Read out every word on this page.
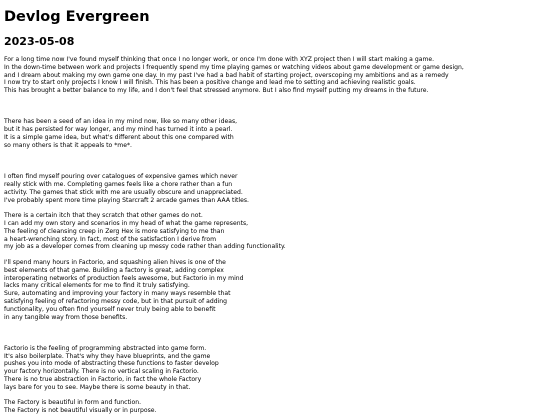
Devlog Evergreen
2023-05-08

For a long time now I've found myself thinking that once I no longer work, or once I'm done with XYZ project then I will start making a game.
In the down-time between work and projects I frequently spend my time playing games or watching videos about game development or game design,
and I dream about making my own game one day. In my past I've had a bad habit of starting project, overscoping my ambitions and as a remedy
I now try to start only projects I know I will finish. This has been a positive change and lead me to setting and achieving realistic goals.
This has brought a better balance to my life, and I don't feel that stressed anymore. But I also find myself putting my dreams in the future.

There has been a seed of an idea in my mind now, like so many other ideas,
but it has persisted for way longer, and my mind has turned it into a pearl.
It is a simple game idea, but what's different about this one compared with
so many others is that it appeals to *me*.

I often find myself pouring over catalogues of expensive games which never
really stick with me. Completing games feels like a chore rather than a fun
activity. The games that stick with me are usually obscure and unappreciated.
I've probably spent more time playing Starcraft 2 arcade games than AAA titles.

There is a certain itch that they scratch that other games do not.
I can add my own story and scenarios in my head of what the game represents,
The feeling of cleansing creep in Zerg Hex is more satisfying to me than
a heart-wrenching story. In fact, most of the satisfaction I derive from
my job as a developer comes from cleaning up messy code rather than adding functionality.

I'll spend many hours in Factorio, and squashing alien hives is one of the
best elements of that game. Building a factory is great, adding complex
interoperating networks of production feels awesome, but Factorio in my mind
lacks many critical elements for me to find it truly satisfying.
Sure, automating and improving your factory in many ways resemble that
satisfying feeling of refactoring messy code, but in that pursuit of adding
functionality, you often find yourself never truly being able to benefit
in any tangible way from those benefits.

Factorio is the feeling of programming abstracted into game form.
It's also boilerplate. That's why they have blueprints, and the game
pushes you into mode of abstracting these functions to faster develop
your factory horizontally. There is no vertical scaling in Factorio.
There is no true abstraction in Factorio, in fact the whole Factory
lays bare for you to see. Maybe there is some beauty in that.

The Factory is beautiful in form and function.
The Factory is not beautiful visually or in purpose.
